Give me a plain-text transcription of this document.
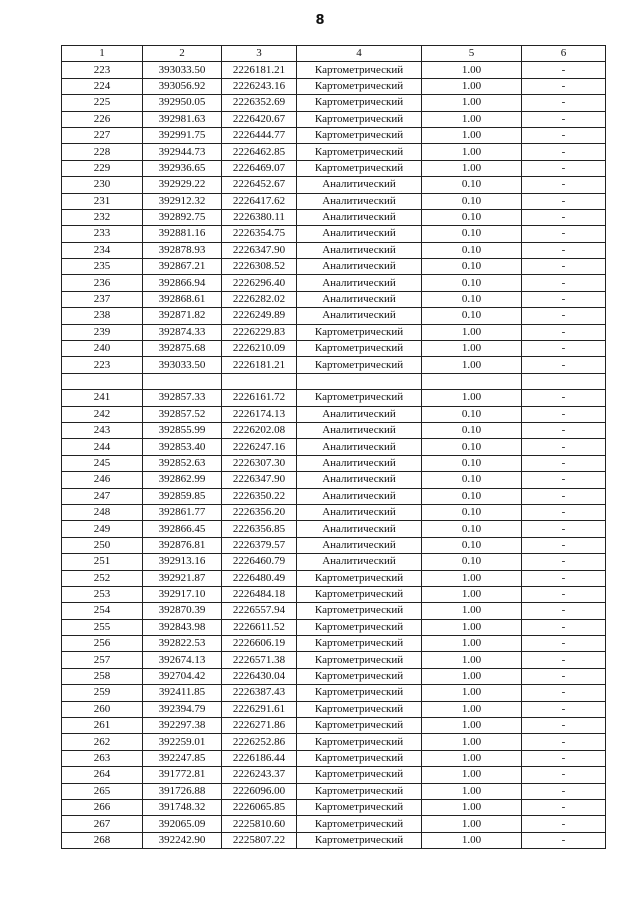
8
1	2	3	4	5	6
223	393033.50	2226181.21	Картометрический	1.00	-
224	393056.92	2226243.16	Картометрический	1.00	-
225	392950.05	2226352.69	Картометрический	1.00	-
226	392981.63	2226420.67	Картометрический	1.00	-
227	392991.75	2226444.77	Картометрический	1.00	-
228	392944.73	2226462.85	Картометрический	1.00	-
229	392936.65	2226469.07	Картометрический	1.00	-
230	392929.22	2226452.67	Аналитический	0.10	-
231	392912.32	2226417.62	Аналитический	0.10	-
232	392892.75	2226380.11	Аналитический	0.10	-
233	392881.16	2226354.75	Аналитический	0.10	-
234	392878.93	2226347.90	Аналитический	0.10	-
235	392867.21	2226308.52	Аналитический	0.10	-
236	392866.94	2226296.40	Аналитический	0.10	-
237	392868.61	2226282.02	Аналитический	0.10	-
238	392871.82	2226249.89	Аналитический	0.10	-
239	392874.33	2226229.83	Картометрический	1.00	-
240	392875.68	2226210.09	Картометрический	1.00	-
223	393033.50	2226181.21	Картометрический	1.00	-

241	392857.33	2226161.72	Картометрический	1.00	-
242	392857.52	2226174.13	Аналитический	0.10	-
243	392855.99	2226202.08	Аналитический	0.10	-
244	392853.40	2226247.16	Аналитический	0.10	-
245	392852.63	2226307.30	Аналитический	0.10	-
246	392862.99	2226347.90	Аналитический	0.10	-
247	392859.85	2226350.22	Аналитический	0.10	-
248	392861.77	2226356.20	Аналитический	0.10	-
249	392866.45	2226356.85	Аналитический	0.10	-
250	392876.81	2226379.57	Аналитический	0.10	-
251	392913.16	2226460.79	Аналитический	0.10	-
252	392921.87	2226480.49	Картометрический	1.00	-
253	392917.10	2226484.18	Картометрический	1.00	-
254	392870.39	2226557.94	Картометрический	1.00	-
255	392843.98	2226611.52	Картометрический	1.00	-
256	392822.53	2226606.19	Картометрический	1.00	-
257	392674.13	2226571.38	Картометрический	1.00	-
258	392704.42	2226430.04	Картометрический	1.00	-
259	392411.85	2226387.43	Картометрический	1.00	-
260	392394.79	2226291.61	Картометрический	1.00	-
261	392297.38	2226271.86	Картометрический	1.00	-
262	392259.01	2226252.86	Картометрический	1.00	-
263	392247.85	2226186.44	Картометрический	1.00	-
264	391772.81	2226243.37	Картометрический	1.00	-
265	391726.88	2226096.00	Картометрический	1.00	-
266	391748.32	2226065.85	Картометрический	1.00	-
267	392065.09	2225810.60	Картометрический	1.00	-
268	392242.90	2225807.22	Картометрический	1.00	-
